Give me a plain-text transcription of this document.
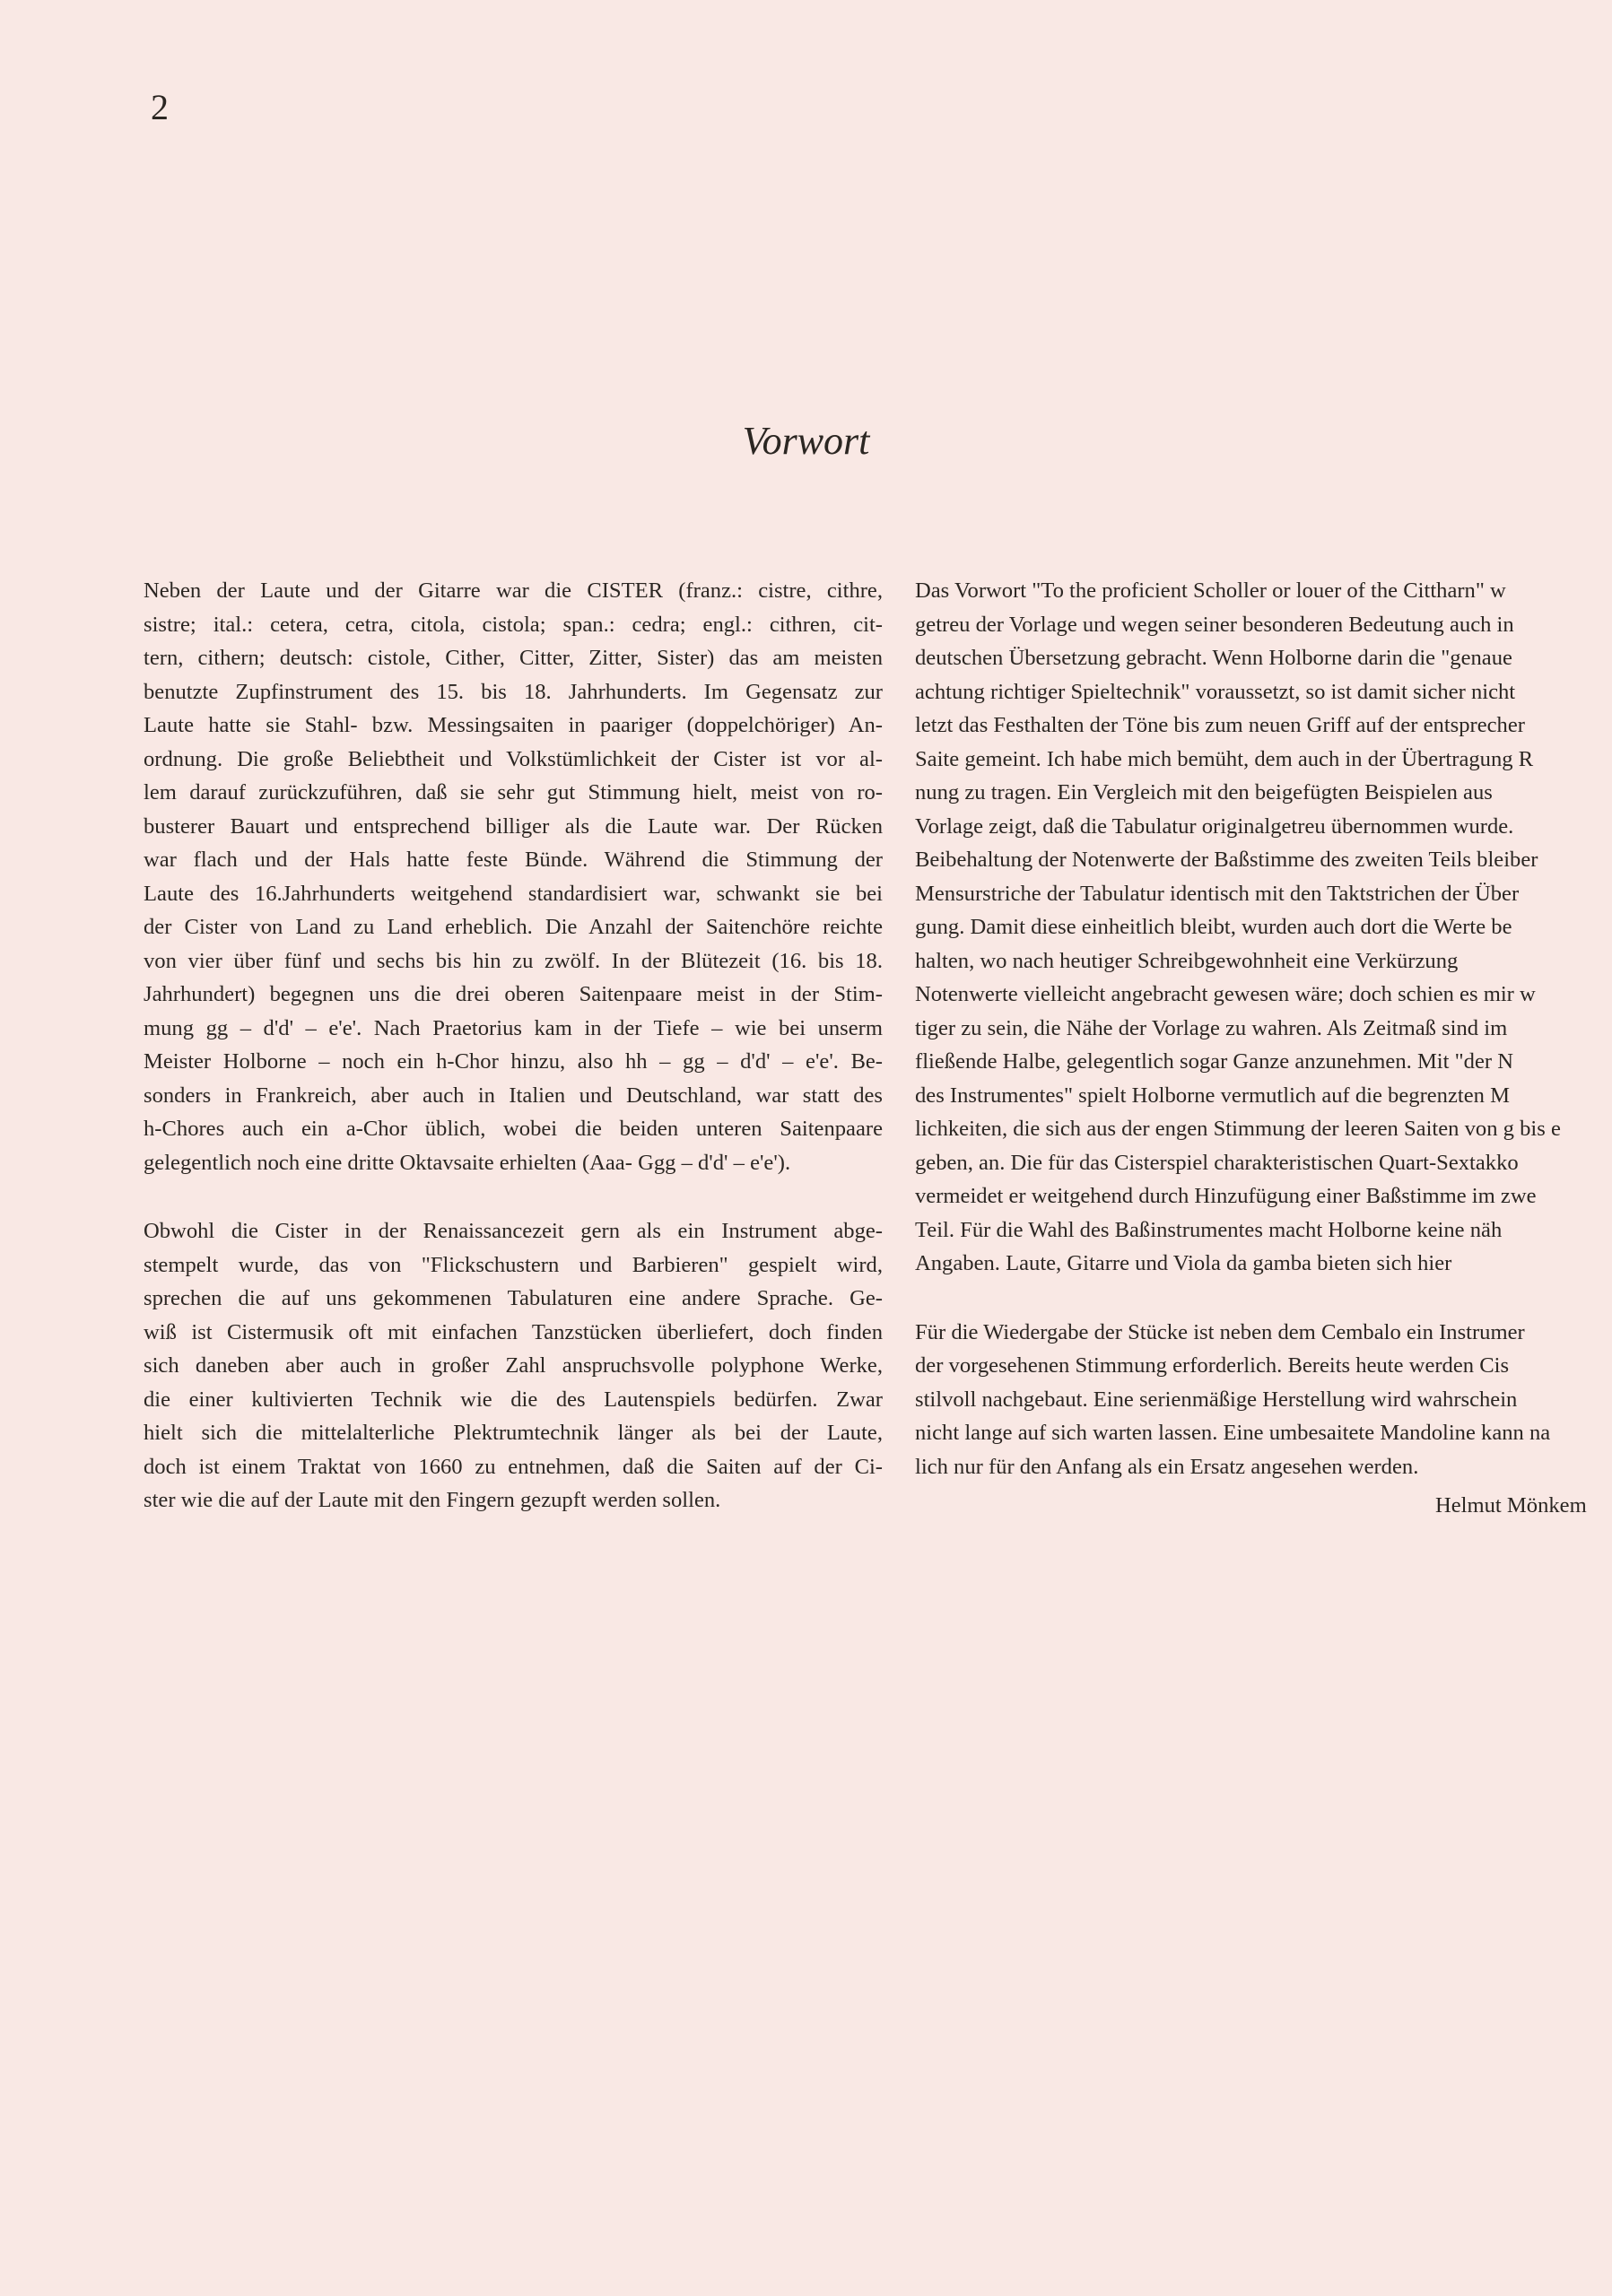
2
Vorwort
Neben der Laute und der Gitarre war die CISTER (franz.: cistre, cithre,
sistre; ital.: cetera, cetra, citola, cistola; span.: cedra; engl.: cithren, cit-
tern, cithern; deutsch: cistole, Cither, Citter, Zitter, Sister) das am meisten
benutzte Zupfinstrument des 15. bis 18. Jahrhunderts. Im Gegensatz zur
Laute hatte sie Stahl- bzw. Messingsaiten in paariger (doppelchöriger) An-
ordnung. Die große Beliebtheit und Volkstümlichkeit der Cister ist vor al-
lem darauf zurückzuführen, daß sie sehr gut Stimmung hielt, meist von ro-
busterer Bauart und entsprechend billiger als die Laute war. Der Rücken
war flach und der Hals hatte feste Bünde. Während die Stimmung der
Laute des 16.Jahrhunderts weitgehend standardisiert war, schwankt sie bei
der Cister von Land zu Land erheblich. Die Anzahl der Saitenchöre reichte
von vier über fünf und sechs bis hin zu zwölf. In der Blütezeit (16. bis 18.
Jahrhundert) begegnen uns die drei oberen Saitenpaare meist in der Stim-
mung gg – d'd' – e'e'. Nach Praetorius kam in der Tiefe – wie bei unserm
Meister Holborne – noch ein h-Chor hinzu, also hh – gg – d'd' – e'e'. Be-
sonders in Frankreich, aber auch in Italien und Deutschland, war statt des
h-Chores auch ein a-Chor üblich, wobei die beiden unteren Saitenpaare
gelegentlich noch eine dritte Oktavsaite erhielten (Aaa- Ggg – d'd' – e'e').
Obwohl die Cister in der Renaissancezeit gern als ein Instrument abge-
stempelt wurde, das von "Flickschustern und Barbieren" gespielt wird,
sprechen die auf uns gekommenen Tabulaturen eine andere Sprache. Ge-
wiß ist Cistermusik oft mit einfachen Tanzstücken überliefert, doch finden
sich daneben aber auch in großer Zahl anspruchsvolle polyphone Werke,
die einer kultivierten Technik wie die des Lautenspiels bedürfen. Zwar
hielt sich die mittelalterliche Plektrumtechnik länger als bei der Laute,
doch ist einem Traktat von 1660 zu entnehmen, daß die Saiten auf der Ci-
ster wie die auf der Laute mit den Fingern gezupft werden sollen.
Das Vorwort "To the proficient Scholler or louer of the Cittharn" w
getreu der Vorlage und wegen seiner besonderen Bedeutung auch in
deutschen Übersetzung gebracht. Wenn Holborne darin die "genaue
achtung richtiger Spieltechnik" voraussetzt, so ist damit sicher nicht
letzt das Festhalten der Töne bis zum neuen Griff auf der entsprecher
Saite gemeint. Ich habe mich bemüht, dem auch in der Übertragung R
nung zu tragen. Ein Vergleich mit den beigefügten Beispielen aus
Vorlage zeigt, daß die Tabulatur originalgetreu übernommen wurde.
Beibehaltung der Notenwerte der Baßstimme des zweiten Teils bleiber
Mensurstriche der Tabulatur identisch mit den Taktstrichen der Über
gung. Damit diese einheitlich bleibt, wurden auch dort die Werte be
halten, wo nach heutiger Schreibgewohnheit eine Verkürzung
Notenwerte vielleicht angebracht gewesen wäre; doch schien es mir w
tiger zu sein, die Nähe der Vorlage zu wahren. Als Zeitmaß sind im
fließende Halbe, gelegentlich sogar Ganze anzunehmen. Mit "der N
des Instrumentes" spielt Holborne vermutlich auf die begrenzten M
lichkeiten, die sich aus der engen Stimmung der leeren Saiten von g bis e
geben, an. Die für das Cisterspiel charakteristischen Quart-Sextakko
vermeidet er weitgehend durch Hinzufügung einer Baßstimme im zwe
Teil. Für die Wahl des Baßinstrumentes macht Holborne keine näh
Angaben. Laute, Gitarre und Viola da gamba bieten sich hier
Für die Wiedergabe der Stücke ist neben dem Cembalo ein Instrumer
der vorgesehenen Stimmung erforderlich. Bereits heute werden Cis
stilvoll nachgebaut. Eine serienmäßige Herstellung wird wahrschein
nicht lange auf sich warten lassen. Eine umbesaitete Mandoline kann na
lich nur für den Anfang als ein Ersatz angesehen werden.
Helmut Mönkem
